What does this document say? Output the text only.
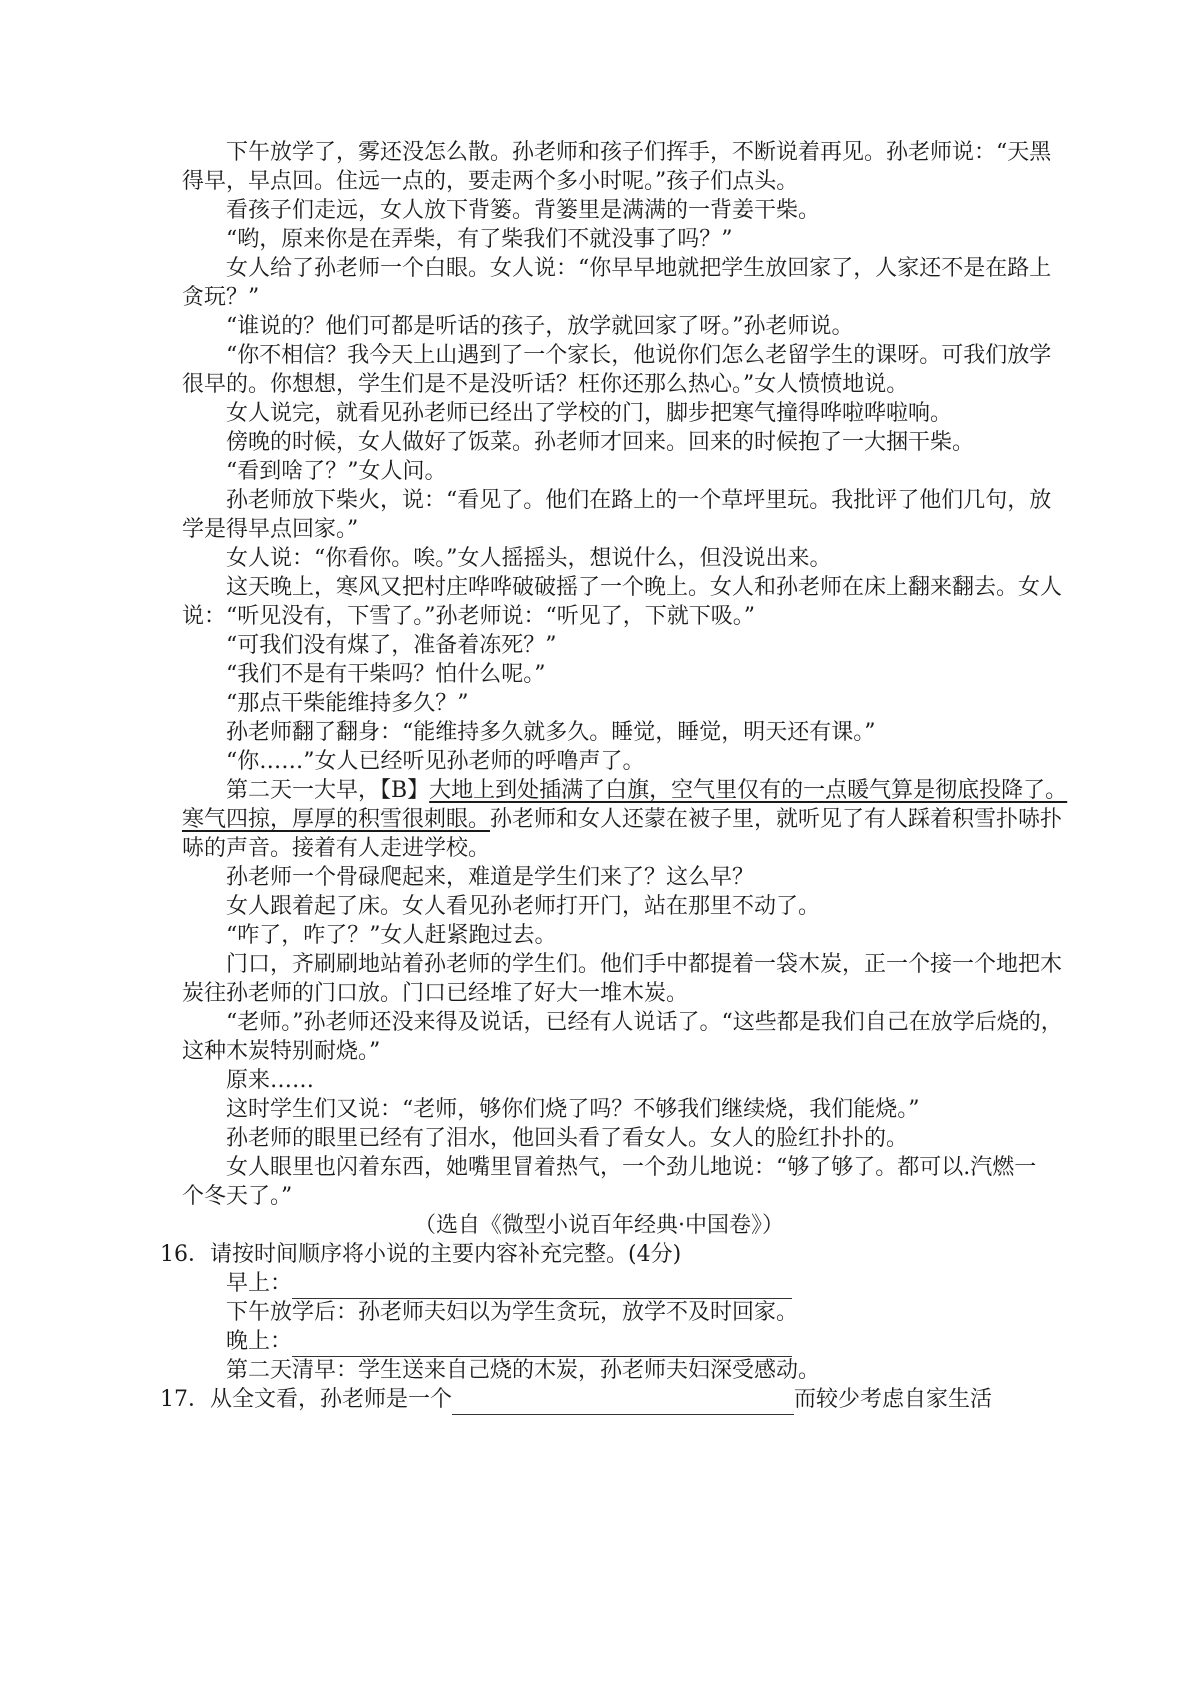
　　下午放学了，雾还没怎么散。孙老师和孩子们挥手，不断说着再见。孙老师说：“天黑
得早，早点回。住远一点的，要走两个多小时呢。”孩子们点头。
　　看孩子们走远，女人放下背篓。背篓里是满满的一背姜干柴。
　　“哟，原来你是在弄柴，有了柴我们不就没事了吗？”
　　女人给了孙老师一个白眼。女人说：“你早早地就把学生放回家了，人家还不是在路上
贪玩？”
　　“谁说的？他们可都是听话的孩子，放学就回家了呀。”孙老师说。
　　“你不相信？我今天上山遇到了一个家长，他说你们怎么老留学生的课呀。可我们放学
很早的。你想想，学生们是不是没听话？枉你还那么热心。”女人愤愤地说。
　　女人说完，就看见孙老师已经出了学校的门，脚步把寒气撞得哗啦哗啦响。
　　傍晚的时候，女人做好了饭菜。孙老师才回来。回来的时候抱了一大捆干柴。
　　“看到啥了？”女人问。
　　孙老师放下柴火，说：“看见了。他们在路上的一个草坪里玩。我批评了他们几句，放
学是得早点回家。”
　　女人说：“你看你。唉。”女人摇摇头，想说什么，但没说出来。
　　这天晚上，寒风又把村庄哗哗破破摇了一个晚上。女人和孙老师在床上翻来翻去。女人
说：“听见没有，下雪了。”孙老师说：“听见了，下就下吸。”
　　“可我们没有煤了，准备着冻死？”
　　“我们不是有干柴吗？怕什么呢。”
　　“那点干柴能维持多久？”
　　孙老师翻了翻身：“能维持多久就多久。睡觉，睡觉，明天还有课。”
　　“你……”女人已经听见孙老师的呼噜声了。
　　第二天一大早，【B】大地上到处插满了白旗，空气里仅有的一点暖气算是彻底投降了。
寒气四掠，厚厚的积雪很刺眼。孙老师和女人还蒙在被子里，就听见了有人踩着积雪扑哧扑
哧的声音。接着有人走进学校。
　　孙老师一个骨碌爬起来，难道是学生们来了？这么早？
　　女人跟着起了床。女人看见孙老师打开门，站在那里不动了。
　　“咋了，咋了？”女人赶紧跑过去。
　　门口，齐刷刷地站着孙老师的学生们。他们手中都提着一袋木炭，正一个接一个地把木
炭往孙老师的门口放。门口已经堆了好大一堆木炭。
　　“老师。”孙老师还没来得及说话，已经有人说话了。“这些都是我们自己在放学后烧的，
这种木炭特别耐烧。”
　　原来……
　　这时学生们又说：“老师，够你们烧了吗？不够我们继续烧，我们能烧。”
　　孙老师的眼里已经有了泪水，他回头看了看女人。女人的脸红扑扑的。
　　女人眼里也闪着东西，她嘴里冒着热气，一个劲儿地说：“够了够了。都可以.汽燃一
个冬天了。”
（选自《微型小说百年经典·中国卷》）
16．请按时间顺序将小说的主要内容补充完整。(4分)
　　早上：
　　下午放学后：孙老师夫妇以为学生贪玩，放学不及时回家。
　　晚上：
　　第二天清早：学生送来自己烧的木炭，孙老师夫妇深受感动。
17．从全文看，孙老师是一个	而较少考虑自家生活
